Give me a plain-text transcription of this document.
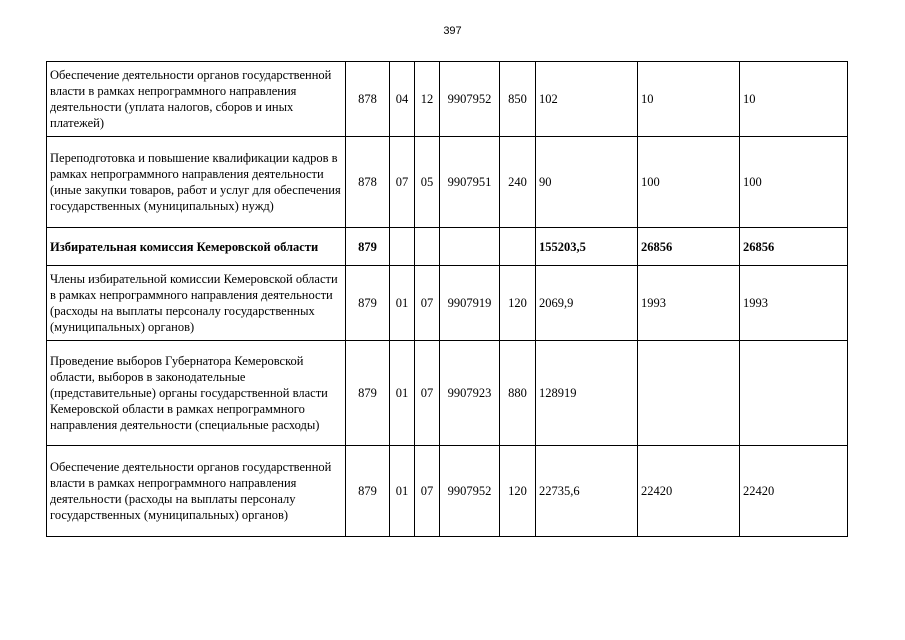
397
Обеспечение деятельности органов государственной власти в рамках непрограммного направления деятельности (уплата налогов, сборов и иных платежей)	878	04	12	9907952	850	102	10	10
Переподготовка и повышение квалификации кадров в рамках непрограммного направления деятельности (иные закупки товаров, работ и услуг для обеспечения государственных (муниципальных) нужд)	878	07	05	9907951	240	90	100	100
Избирательная комиссия Кемеровской области	879					155203,5	26856	26856
Члены избирательной комиссии Кемеровской области в рамках непрограммного направления деятельности (расходы на выплаты персоналу государственных (муниципальных) органов)	879	01	07	9907919	120	2069,9	1993	1993
Проведение выборов Губернатора Кемеровской области, выборов в законодательные (представительные) органы государственной власти Кемеровской области в рамках непрограммного направления деятельности (специальные расходы)	879	01	07	9907923	880	128919		
Обеспечение деятельности органов государственной власти в рамках непрограммного направления деятельности (расходы на выплаты персоналу государственных (муниципальных) органов)	879	01	07	9907952	120	22735,6	22420	22420
